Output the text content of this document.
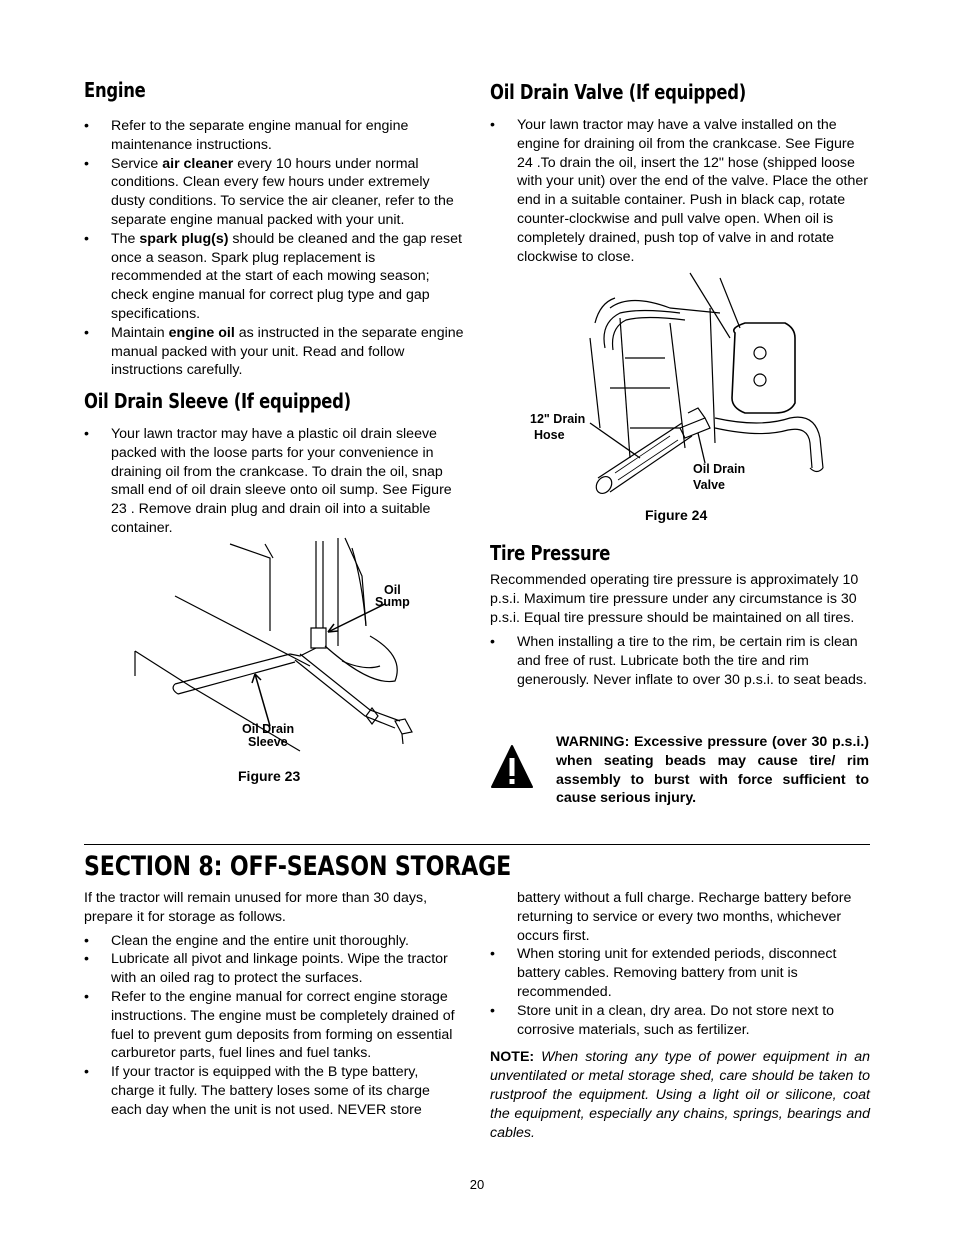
Engine
• Refer to the separate engine manual for engine maintenance instructions.
• Service air cleaner every 10 hours under normal conditions. Clean every few hours under extremely dusty conditions. To service the air cleaner, refer to the separate engine manual packed with your unit.
• The spark plug(s) should be cleaned and the gap reset once a season. Spark plug replacement is recommended at the start of each mowing season; check engine manual for correct plug type and gap specifications.
• Maintain engine oil as instructed in the separate engine manual packed with your unit. Read and follow instructions carefully.
Oil Drain Sleeve (If equipped)
• Your lawn tractor may have a plastic oil drain sleeve packed with the loose parts for your convenience in draining oil from the crankcase. To drain the oil, snap small end of oil drain sleeve onto oil sump. See Figure 23 . Remove drain plug and drain oil into a suitable container.
Oil
Sump
Oil Drain
Sleeve
Figure 23
Oil Drain Valve (If equipped)
• Your lawn tractor may have a valve installed on the engine for draining oil from the crankcase. See Figure 24 .To drain the oil, insert the 12" hose (shipped loose with your unit) over the end of the valve. Place the other end in a suitable container. Push in black cap, rotate counter-clockwise and pull valve open. When oil is completely drained, push top of valve in and rotate clockwise to close.
12" Drain
Hose
Oil Drain
Valve
Figure 24
Tire Pressure

Recommended operating tire pressure is approximately 10 p.s.i. Maximum tire pressure under any circumstance is 30 p.s.i. Equal tire pressure should be maintained on all tires.

• When installing a tire to the rim, be certain rim is clean and free of rust. Lubricate both the tire and rim generously. Never inflate to over 30 p.s.i. to seat beads.
WARNING: Excessive pressure (over 30 p.s.i.) when seating beads may cause tire/ rim assembly to burst with force sufficient to cause serious injury.
SECTION 8: OFF-SEASON STORAGE

If the tractor will remain unused for more than 30 days, prepare it for storage as follows.

• Clean the engine and the entire unit thoroughly.
• Lubricate all pivot and linkage points. Wipe the tractor with an oiled rag to protect the surfaces.
• Refer to the engine manual for correct engine storage instructions. The engine must be completely drained of fuel to prevent gum deposits from forming on essential carburetor parts, fuel lines and fuel tanks.
• If your tractor is equipped with the B type battery, charge it fully. The battery loses some of its charge each day when the unit is not used. NEVER store

battery without a full charge. Recharge battery before returning to service or every two months, whichever occurs first.

• When storing unit for extended periods, disconnect battery cables. Removing battery from unit is recommended.
• Store unit in a clean, dry area. Do not store next to corrosive materials, such as fertilizer.

NOTE: When storing any type of power equipment in an unventilated or metal storage shed, care should be taken to rustproof the equipment. Using a light oil or silicone, coat the equipment, especially any chains, springs, bearings and cables.

20
